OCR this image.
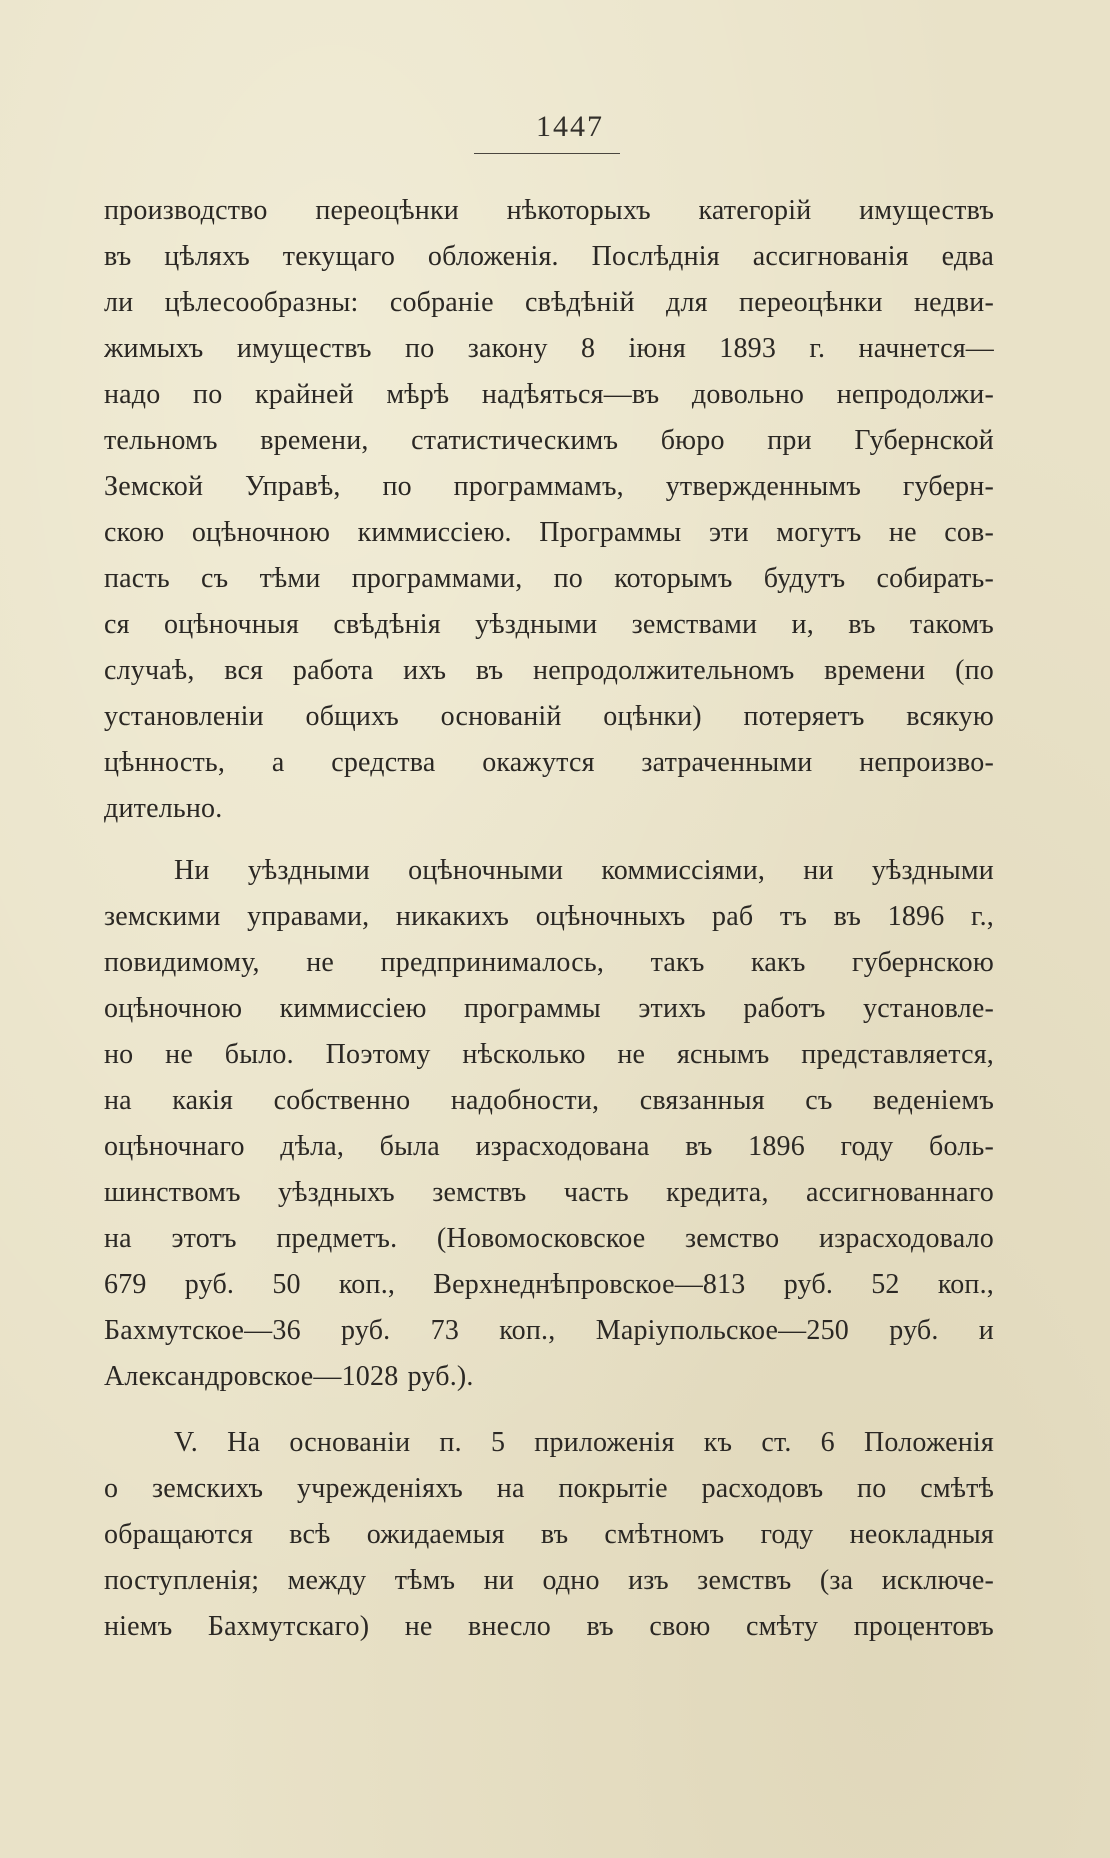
1447
производство переоцѣнки нѣкоторыхъ категорій имуществъ
въ цѣляхъ текущаго обложенія. Послѣднія ассигнованія едва
ли цѣлесообразны: собраніе свѣдѣній для переоцѣнки недви-
жимыхъ имуществъ по закону 8 іюня 1893 г. начнется—
надо по крайней мѣрѣ надѣяться—въ довольно непродолжи-
тельномъ времени, статистическимъ бюро при Губернской
Земской Управѣ, по программамъ, утвержденнымъ губерн-
скою оцѣночною киммиссіею. Программы эти могутъ не сов-
пасть съ тѣми программами, по которымъ будутъ собирать-
ся оцѣночныя свѣдѣнія уѣздными земствами и, въ такомъ
случаѣ, вся работа ихъ въ непродолжительномъ времени (по
установленіи общихъ основаній оцѣнки) потеряетъ всякую
цѣнность, а средства окажутся затраченными непроизво-
дительно.
Ни уѣздными оцѣночными коммиссіями, ни уѣздными
земскими управами, никакихъ оцѣночныхъ раб тъ въ 1896 г.,
повидимому, не предпринималось, такъ какъ губернскою
оцѣночною киммиссіею программы этихъ работъ установле-
но не было. Поэтому нѣсколько не яснымъ представляется,
на какія собственно надобности, связанныя съ веденіемъ
оцѣночнаго дѣла, была израсходована въ 1896 году боль-
шинствомъ уѣздныхъ земствъ часть кредита, ассигнованнаго
на этотъ предметъ. (Новомосковское земство израсходовало
679 руб. 50 коп., Верхнеднѣпровское—813 руб. 52 коп.,
Бахмутское—36 руб. 73 коп., Маріупольское—250 руб. и
Александровское—1028 руб.).
V. На основаніи п. 5 приложенія къ ст. 6 Положенія
о земскихъ учрежденіяхъ на покрытіе расходовъ по смѣтѣ
обращаются всѣ ожидаемыя въ смѣтномъ году неокладныя
поступленія; между тѣмъ ни одно изъ земствъ (за исключе-
ніемъ Бахмутскаго) не внесло въ свою смѣту процентовъ
